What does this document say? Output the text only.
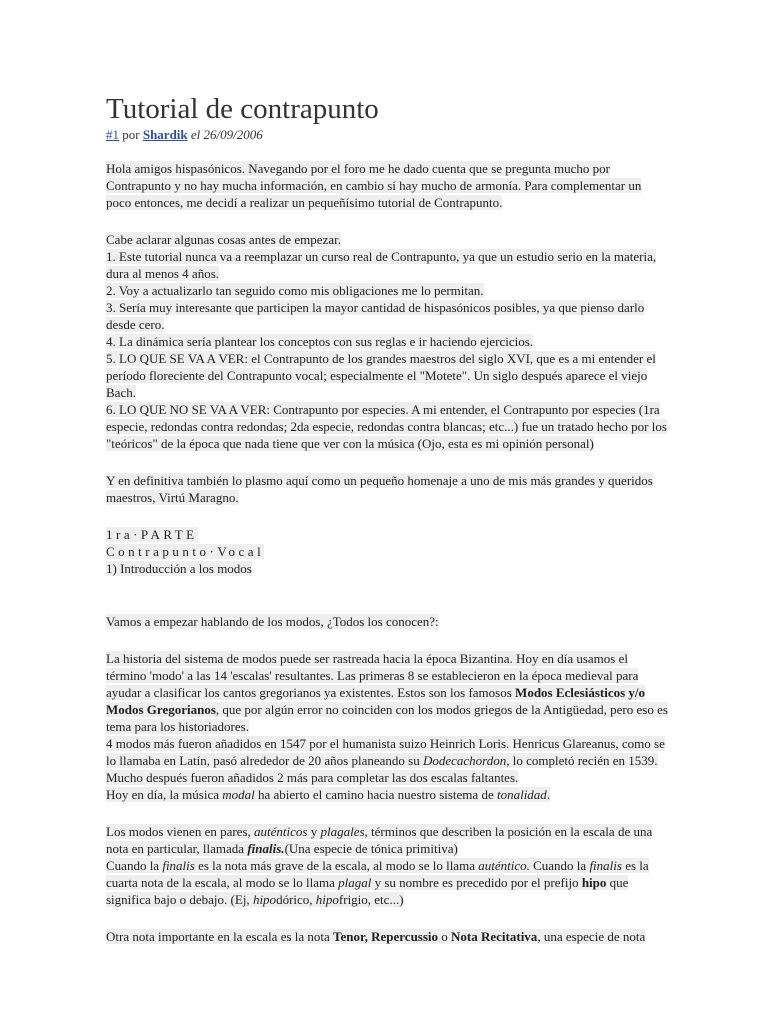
Tutorial de contrapunto
#1 por Shardik el 26/09/2006

Hola amigos hispasónicos. Navegando por el foro me he dado cuenta que se pregunta mucho por Contrapunto y no hay mucha información, en cambio sí hay mucho de armonía. Para complementar un poco entonces, me decidí a realizar un pequeñísimo tutorial de Contrapunto.

Cabe aclarar algunas cosas antes de empezar.

1. Este tutorial nunca va a reemplazar un curso real de Contrapunto, ya que un estudio serio en la materia, dura al menos 4 años.

2. Voy a actualizarlo tan seguido como mis obligaciones me lo permitan.

3. Sería muy interesante que participen la mayor cantidad de hispasónicos posibles, ya que pienso darlo desde cero.

4. La dinámica sería plantear los conceptos con sus reglas e ir haciendo ejercicios.

5. LO QUE SE VA A VER: el Contrapunto de los grandes maestros del siglo XVI, que es a mi entender el período floreciente del Contrapunto vocal; especialmente el "Motete". Un siglo después aparece el viejo Bach.

6. LO QUE NO SE VA A VER: Contrapunto por especies. A mi entender, el Contrapunto por especies (1ra especie, redondas contra redondas; 2da especie, redondas contra blancas; etc...) fue un tratado hecho por los "teóricos" de la época que nada tiene que ver con la música (Ojo, esta es mi opinión personal)

Y en definitiva también lo plasmo aquí como un pequeño homenaje a uno de mis más grandes y queridos maestros, Virtú Maragno.

1ra·PARTE

Contrapunto·Vocal

1) Introducción a los modos

Vamos a empezar hablando de los modos, ¿Todos los conocen?:

La historia del sistema de modos puede ser rastreada hacia la época Bizantina. Hoy en día usamos el término 'modo' a las 14 'escalas' resultantes. Las primeras 8 se establecieron en la época medieval para ayudar a clasificar los cantos gregorianos ya existentes. Estos son los famosos Modos Eclesiásticos y/o Modos Gregorianos, que por algún error no coinciden con los modos griegos de la Antigüedad, pero eso es tema para los historiadores.

4 modos más fueron añadidos en 1547 por el humanista suizo Heinrich Loris. Henricus Glareanus, como se lo llamaba en Latín, pasó alrededor de 20 años planeando su Dodecachordon, lo completó recién en 1539.

Mucho después fueron añadidos 2 más para completar las dos escalas faltantes.

Hoy en día, la música modal ha abierto el camino hacia nuestro sistema de tonalidad.

Los modos vienen en pares, auténticos y plagales, términos que describen la posición en la escala de una nota en particular, llamada finalis.(Una especie de tónica primitiva)

Cuando la finalis es la nota más grave de la escala, al modo se lo llama auténtico. Cuando la finalis es la cuarta nota de la escala, al modo se lo llama plagal y su nombre es precedido por el prefijo hipo que significa bajo o debajo. (Ej, hipodórico, hipofrigio, etc...)

Otra nota importante en la escala es la nota Tenor, Repercussio o Nota Recitativa, una especie de nota
